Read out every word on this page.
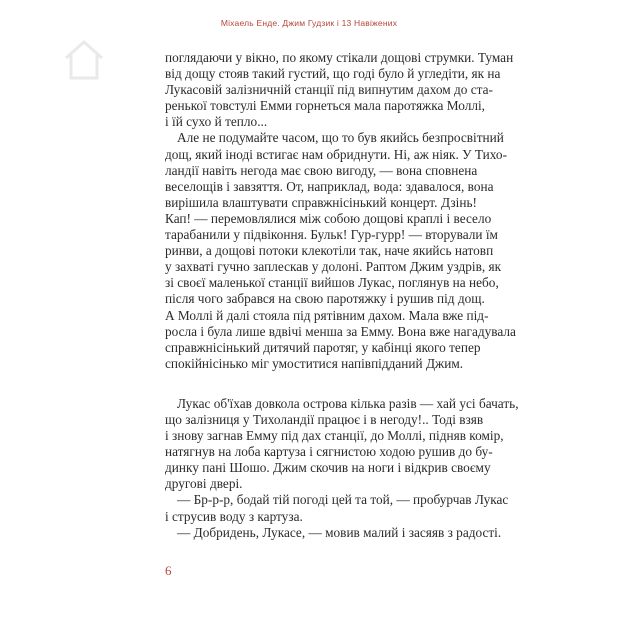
Міхаель Енде. Джим Гудзик і 13 Навіжених
поглядаючи у вікно, по якому стікали дощові струмки. Туман
від дощу стояв такий густий, що годі було й угледіти, як на
Лукасовій залізничній станції під випнутим дахом до ста-
ренької товстулі Емми горнеться мала паротяжка Моллі,
і їй сухо й тепло...
Але не подумайте часом, що то був якийсь безпросвітний
дощ, який іноді встигає нам обриднути. Ні, аж ніяк. У Тихо-
ландії навіть негода має свою вигоду, — вона сповнена
веселощів і завзяття. От, наприклад, вода: здавалося, вона
вирішила влаштувати справжнісінький концерт. Дзінь!
Кап! — перемовлялися між собою дощові краплі і весело
тарабанили у підвіконня. Бульк! Гур-гурр! — вторували їм
ринви, а дощові потоки клекотіли так, наче якийсь натовп
у захваті гучно заплескав у долоні. Раптом Джим уздрів, як
зі своєї маленької станції вийшов Лукас, поглянув на небо,
після чого забрався на свою паротяжку і рушив під дощ.
А Моллі й далі стояла під рятівним дахом. Мала вже під-
росла і була лише вдвічі менша за Емму. Вона вже нагадувала
справжнісінький дитячий паротяг, у кабінці якого тепер
спокійнісінько міг умоститися напівпідданий Джим.
Лукас об'їхав довкола острова кілька разів — хай усі бачать,
що залізниця у Тихоландії працює і в негоду!.. Тоді взяв
і знову загнав Емму під дах станції, до Моллі, підняв комір,
натягнув на лоба картуза і сягнистою ходою рушив до бу-
динку пані Шошо. Джим скочив на ноги і відкрив своєму
другові двері.
— Бр-р-р, бодай тій погоді цей та той, — пробурчав Лукас
і струсив воду з картуза.
— Добридень, Лукасе, — мовив малий і засяяв з радості.
6
